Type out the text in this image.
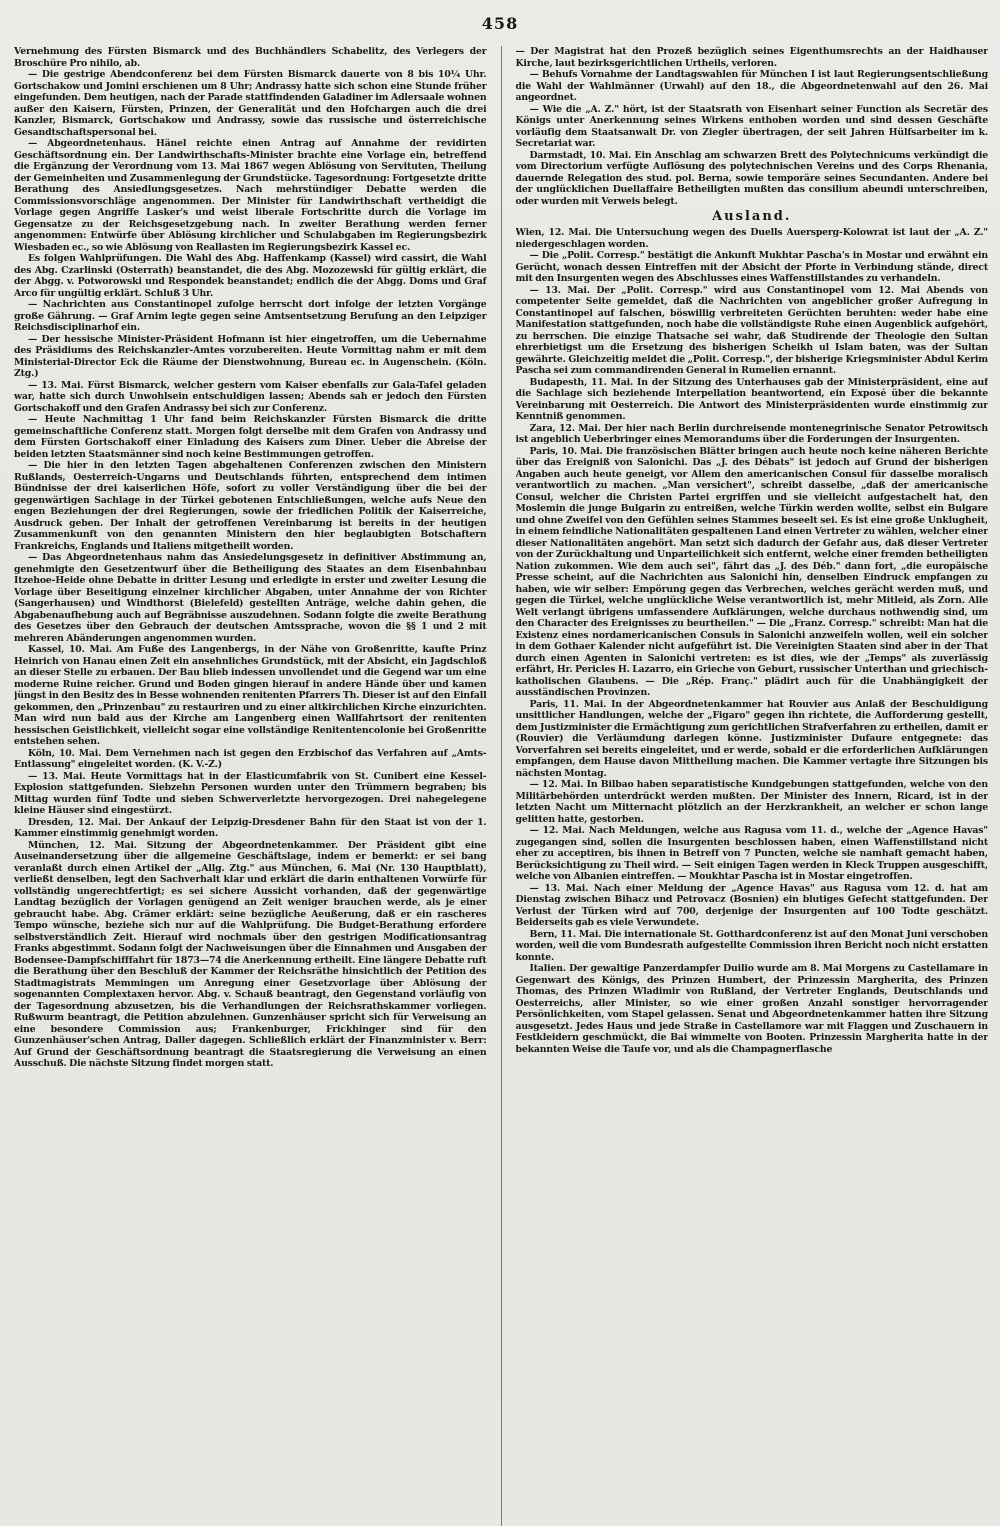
458

Vernehmung des Fürsten Bismarck und des Buchhändlers Schabelitz, des Verlegers der Broschüre Pro nihilo, ab.

— Die gestrige Abendconferenz bei dem Fürsten Bismarck dauerte von 8 bis 10¼ Uhr. Gortschakow und Jomini erschienen um 8 Uhr; Andrassy hatte sich schon eine Stunde früher eingefunden. Dem heutigen, nach der Parade stattfindenden Galadiner im Adlersaale wohnen außer den Kaisern, Fürsten, Prinzen, der Generalität und den Hofchargen auch die drei Kanzler, Bismarck, Gortschakow und Andrassy, sowie das russische und österreichische Gesandtschaftspersonal bei.

— Abgeordnetenhaus. Hänel reichte einen Antrag auf Annahme der revidirten Geschäftsordnung ein. Der Landwirthschafts-Minister brachte eine Vorlage ein, betreffend die Ergänzung der Verordnung vom 13. Mai 1867 wegen Ablösung von Servituten, Theilung der Gemeinheiten und Zusammenlegung der Grundstücke. Tagesordnung: Fortgesetzte dritte Berathung des Ansiedlungsgesetzes. Nach mehrstündiger Debatte werden die Commissionsvorschläge angenommen. Der Minister für Landwirthschaft vertheidigt die Vorlage gegen Angriffe Lasker's und weist liberale Fortschritte durch die Vorlage im Gegensatze zu der Reichsgesetzgebung nach. In zweiter Berathung werden ferner angenommen: Entwürfe über Ablösung kirchlicher und Schulabgaben im Regierungsbezirk Wiesbaden ec., so wie Ablösung von Reallasten im Regierungsbezirk Kassel ec.

Es folgen Wahlprüfungen. Die Wahl des Abg. Haffenkamp (Kassel) wird cassirt, die Wahl des Abg. Czarlinski (Osterrath) beanstandet, die des Abg. Mozozewski für gültig erklärt, die der Abgg. v. Potworowski und Respondek beanstandet; endlich die der Abgg. Doms und Graf Arco für ungültig erklärt. Schluß 3 Uhr.

— Nachrichten aus Constantinopel zufolge herrscht dort infolge der letzten Vorgänge große Gährung. — Graf Arnim legte gegen seine Amtsentsetzung Berufung an den Leipziger Reichsdisciplinarhof ein.

— Der hessische Minister-Präsident Hofmann ist hier eingetroffen, um die Uebernahme des Präsidiums des Reichskanzler-Amtes vorzubereiten. Heute Vormittag nahm er mit dem Ministerial-Director Eck die Räume der Dienstwohnung, Bureau ec. in Augenschein. (Köln. Ztg.)

— 13. Mai. Fürst Bismarck, welcher gestern vom Kaiser ebenfalls zur Gala-Tafel geladen war, hatte sich durch Unwohlsein entschuldigen lassen; Abends sah er jedoch den Fürsten Gortschakoff und den Grafen Andrassy bei sich zur Conferenz.

— Heute Nachmittag 1 Uhr fand beim Reichskanzler Fürsten Bismarck die dritte gemeinschaftliche Conferenz statt. Morgen folgt derselbe mit dem Grafen von Andrassy und dem Fürsten Gortschakoff einer Einladung des Kaisers zum Diner. Ueber die Abreise der beiden letzten Staatsmänner sind noch keine Bestimmungen getroffen.

— Die hier in den letzten Tagen abgehaltenen Conferenzen zwischen den Ministern Rußlands, Oesterreich-Ungarns und Deutschlands führten, entsprechend dem intimen Bündnisse der drei kaiserlichen Höfe, sofort zu voller Verständigung über die bei der gegenwärtigen Sachlage in der Türkei gebotenen Entschließungen, welche aufs Neue den engen Beziehungen der drei Regierungen, sowie der friedlichen Politik der Kaiserreiche, Ausdruck geben. Der Inhalt der getroffenen Vereinbarung ist bereits in der heutigen Zusammenkunft von den genannten Ministern den hier beglaubigten Botschaftern Frankreichs, Englands und Italiens mitgetheilt worden.

— Das Abgeordnetenhaus nahm das Ansiedelungsgesetz in definitiver Abstimmung an, genehmigte den Gesetzentwurf über die Betheiligung des Staates an dem Eisenbahnbau Itzehoe-Heide ohne Debatte in dritter Lesung und erledigte in erster und zweiter Lesung die Vorlage über Beseitigung einzelner kirchlicher Abgaben, unter Annahme der von Richter (Sangerhausen) und Windthorst (Bielefeld) gestellten Anträge, welche dahin gehen, die Abgabenaufhebung auch auf Begräbnisse auszudehnen. Sodann folgte die zweite Berathung des Gesetzes über den Gebrauch der deutschen Amtssprache, wovon die §§ 1 und 2 mit mehreren Abänderungen angenommen wurden.

Kassel, 10. Mai. Am Fuße des Langenbergs, in der Nähe von Großenritte, kaufte Prinz Heinrich von Hanau einen Zeit ein ansehnliches Grundstück, mit der Absicht, ein Jagdschloß an dieser Stelle zu erbauen. Der Bau blieb indessen unvollendet und die Gegend war um eine moderne Ruine reicher. Grund und Boden gingen hierauf in andere Hände über und kamen jüngst in den Besitz des in Besse wohnenden renitenten Pfarrers Th. Dieser ist auf den Einfall gekommen, den „Prinzenbau" zu restauriren und zu einer altkirchlichen Kirche einzurichten. Man wird nun bald aus der Kirche am Langenberg einen Wallfahrtsort der renitenten hessischen Geistlichkeit, vielleicht sogar eine vollständige Renitentencolonie bei Großenritte entstehen sehen.

Köln, 10. Mai. Dem Vernehmen nach ist gegen den Erzbischof das Verfahren auf „Amts-Entlassung" eingeleitet worden. (K. V.-Z.)

— 13. Mai. Heute Vormittags hat in der Elasticumfabrik von St. Cunibert eine Kessel-Explosion stattgefunden. Siebzehn Personen wurden unter den Trümmern begraben; bis Mittag wurden fünf Todte und sieben Schwerverletzte hervorgezogen. Drei nahegelegene kleine Häuser sind eingestürzt.

Dresden, 12. Mai. Der Ankauf der Leipzig-Dresdener Bahn für den Staat ist von der 1. Kammer einstimmig genehmigt worden.

München, 12. Mai. Sitzung der Abgeordnetenkammer. Der Präsident gibt eine Auseinandersetzung über die allgemeine Geschäftslage, indem er bemerkt: er sei bang veranlaßt durch einen Artikel der „Allg. Ztg." aus München, 6. Mai (Nr. 130 Hauptblatt), verließt denselben, legt den Sachverhalt klar und erklärt die darin enthaltenen Vorwürfe für vollständig ungerechtfertigt; es sei sichere Aussicht vorhanden, daß der gegenwärtige Landtag bezüglich der Vorlagen genügend an Zeit weniger brauchen werde, als je einer gebraucht habe. Abg. Crämer erklärt: seine bezügliche Aeußerung, daß er ein rascheres Tempo wünsche, beziehe sich nur auf die Wahlprüfung. Die Budget-Berathung erfordere selbstverständlich Zeit. Hierauf wird nochmals über den gestrigen Modificationsantrag Franks abgestimmt. Sodann folgt der Nachweisungen über die Einnahmen und Ausgaben der Bodensee-Dampfschifffahrt für 1873—74 die Anerkennung ertheilt. Eine längere Debatte ruft die Berathung über den Beschluß der Kammer der Reichsräthe hinsichtlich der Petition des Stadtmagistrats Memmingen um Anregung einer Gesetzvorlage über Ablösung der sogenannten Complextaxen hervor. Abg. v. Schauß beantragt, den Gegenstand vorläufig von der Tagesordnung abzusetzen, bis die Verhandlungen der Reichsrathskammer vorliegen. Rußwurm beantragt, die Petition abzulehnen. Gunzenhäuser spricht sich für Verweisung an eine besondere Commission aus; Frankenburger, Frickhinger sind für den Gunzenhäuser'schen Antrag, Daller dagegen. Schließlich erklärt der Finanzminister v. Berr: Auf Grund der Geschäftsordnung beantragt die Staatsregierung die Verweisung an einen Ausschuß. Die nächste Sitzung findet morgen statt.

— Der Magistrat hat den Prozeß bezüglich seines Eigenthumsrechts an der Haidhauser Kirche, laut bezirksgerichtlichen Urtheils, verloren.

— Behufs Vornahme der Landtagswahlen für München I ist laut Regierungsentschließung die Wahl der Wahlmänner (Urwahl) auf den 18., die Abgeordnetenwahl auf den 26. Mai angeordnet.

— Wie die „A. Z." hört, ist der Staatsrath von Eisenhart seiner Function als Secretär des Königs unter Anerkennung seines Wirkens enthoben worden und sind dessen Geschäfte vorläufig dem Staatsanwalt Dr. von Ziegler übertragen, der seit Jahren Hülfsarbeiter im k. Secretariat war.

Darmstadt, 10. Mai. Ein Anschlag am schwarzen Brett des Polytechnicums verkündigt die vom Directorium verfügte Auflösung des polytechnischen Vereins und des Corps Rhenania, dauernde Relegation des stud. pol. Berna, sowie temporäre seines Secundanten. Andere bei der unglücklichen Duellaffaire Betheiligten mußten das consilium abeundi unterschreiben, oder wurden mit Verweis belegt.

Ausland.

Wien, 12. Mai. Die Untersuchung wegen des Duells Auersperg-Kolowrat ist laut der „A. Z." niedergeschlagen worden.

— Die „Polit. Corresp." bestätigt die Ankunft Mukhtar Pascha's in Mostar und erwähnt ein Gerücht, wonach dessen Eintreffen mit der Absicht der Pforte in Verbindung stände, direct mit den Insurgenten wegen des Abschlusses eines Waffenstillstandes zu verhandeln.

— 13. Mai. Der „Polit. Corresp." wird aus Constantinopel vom 12. Mai Abends von competenter Seite gemeldet, daß die Nachrichten von angeblicher großer Aufregung in Constantinopel auf falschen, böswillig verbreiteten Gerüchten beruhten: weder habe eine Manifestation stattgefunden, noch habe die vollständigste Ruhe einen Augenblick aufgehört, zu herrschen. Die einzige Thatsache sei wahr, daß Studirende der Theologie den Sultan ehrerbietigst um die Ersetzung des bisherigen Scheikh ul Islam baten, was der Sultan gewährte. Gleichzeitig meldet die „Polit. Corresp.", der bisherige Kriegsminister Abdul Kerim Pascha sei zum commandirenden General in Rumelien ernannt.

Budapesth, 11. Mai. In der Sitzung des Unterhauses gab der Ministerpräsident, eine auf die Sachlage sich beziehende Interpellation beantwortend, ein Exposé über die bekannte Vereinbarung mit Oesterreich. Die Antwort des Ministerpräsidenten wurde einstimmig zur Kenntniß genommen.

Zara, 12. Mai. Der hier nach Berlin durchreisende montenegrinische Senator Petrowitsch ist angeblich Ueberbringer eines Memorandums über die Forderungen der Insurgenten.

Paris, 10. Mai. Die französischen Blätter bringen auch heute noch keine näheren Berichte über das Ereigniß von Salonichi. Das „J. des Débats" ist jedoch auf Grund der bisherigen Angaben auch heute geneigt, vor Allem den americanischen Consul für dasselbe moralisch verantwortlich zu machen. „Man versichert", schreibt dasselbe, „daß der americanische Consul, welcher die Christen Partei ergriffen und sie vielleicht aufgestachelt hat, den Moslemin die junge Bulgarin zu entreißen, welche Türkin werden wollte, selbst ein Bulgare und ohne Zweifel von den Gefühlen seines Stammes beseelt sei. Es ist eine große Unklugheit, in einem feindliche Nationalitäten gespaltenen Land einen Vertreter zu wählen, welcher einer dieser Nationalitäten angehört. Man setzt sich dadurch der Gefahr aus, daß dieser Vertreter von der Zurückhaltung und Unparteilichkeit sich entfernt, welche einer fremden betheiligten Nation zukommen. Wie dem auch sei", fährt das „J. des Déb." dann fort, „die europäische Presse scheint, auf die Nachrichten aus Salonichi hin, denselben Eindruck empfangen zu haben, wie wir selber: Empörung gegen das Verbrechen, welches gerächt werden muß, und gegen die Türkei, welche unglückliche Weise verantwortlich ist, mehr Mitleid, als Zorn. Alle Welt verlangt übrigens umfassendere Aufklärungen, welche durchaus nothwendig sind, um den Character des Ereignisses zu beurtheilen." — Die „Franz. Corresp." schreibt: Man hat die Existenz eines nordamericanischen Consuls in Salonichi anzweifeln wollen, weil ein solcher in dem Gothaer Kalender nicht aufgeführt ist. Die Vereinigten Staaten sind aber in der That durch einen Agenten in Salonichi vertreten: es ist dies, wie der „Temps" als zuverlässig erfährt, Hr. Pericles H. Lazarro, ein Grieche von Geburt, russischer Unterthan und griechisch-katholischen Glaubens. — Die „Rép. Franç." plädirt auch für die Unabhängigkeit der ausständischen Provinzen.

Paris, 11. Mai. In der Abgeordnetenkammer hat Rouvier aus Anlaß der Beschuldigung unsittlicher Handlungen, welche der „Figaro" gegen ihn richtete, die Aufforderung gestellt, dem Justizminister die Ermächtigung zum gerichtlichen Strafverfahren zu ertheilen, damit er (Rouvier) die Verläumdung darlegen könne. Justizminister Dufaure entgegnete: das Vorverfahren sei bereits eingeleitet, und er werde, sobald er die erforderlichen Aufklärungen empfangen, dem Hause davon Mittheilung machen. Die Kammer vertagte ihre Sitzungen bis nächsten Montag.

— 12. Mai. In Bilbao haben separatistische Kundgebungen stattgefunden, welche von den Militärbehörden unterdrückt werden mußten. Der Minister des Innern, Ricard, ist in der letzten Nacht um Mitternacht plötzlich an der Herzkrankheit, an welcher er schon lange gelitten hatte, gestorben.

— 12. Mai. Nach Meldungen, welche aus Ragusa vom 11. d., welche der „Agence Havas" zugegangen sind, sollen die Insurgenten beschlossen haben, einen Waffenstillstand nicht eher zu acceptiren, bis ihnen in Betreff von 7 Puncten, welche sie namhaft gemacht haben, Berücksichtigung zu Theil wird. — Seit einigen Tagen werden in Kleck Truppen ausgeschifft, welche von Albanien eintreffen. — Moukhtar Pascha ist in Mostar eingetroffen.

— 13. Mai. Nach einer Meldung der „Agence Havas" aus Ragusa vom 12. d. hat am Dienstag zwischen Bihacz und Petrovacz (Bosnien) ein blutiges Gefecht stattgefunden. Der Verlust der Türken wird auf 700, derjenige der Insurgenten auf 100 Todte geschätzt. Beiderseits gab es viele Verwundete.

Bern, 11. Mai. Die internationale St. Gotthardconferenz ist auf den Monat Juni verschoben worden, weil die vom Bundesrath aufgestellte Commission ihren Bericht noch nicht erstatten konnte.

Italien. Der gewaltige Panzerdampfer Duilio wurde am 8. Mai Morgens zu Castellamare in Gegenwart des Königs, des Prinzen Humbert, der Prinzessin Margherita, des Prinzen Thomas, des Prinzen Wladimir von Rußland, der Vertreter Englands, Deutschlands und Oesterreichs, aller Minister, so wie einer großen Anzahl sonstiger hervorragender Persönlichkeiten, vom Stapel gelassen. Senat und Abgeordnetenkammer hatten ihre Sitzung ausgesetzt. Jedes Haus und jede Straße in Castellamore war mit Flaggen und Zuschauern in Festkleidern geschmückt, die Bai wimmelte von Booten. Prinzessin Margherita hatte in der bekannten Weise die Taufe vor, und als die Champagnerflasche
